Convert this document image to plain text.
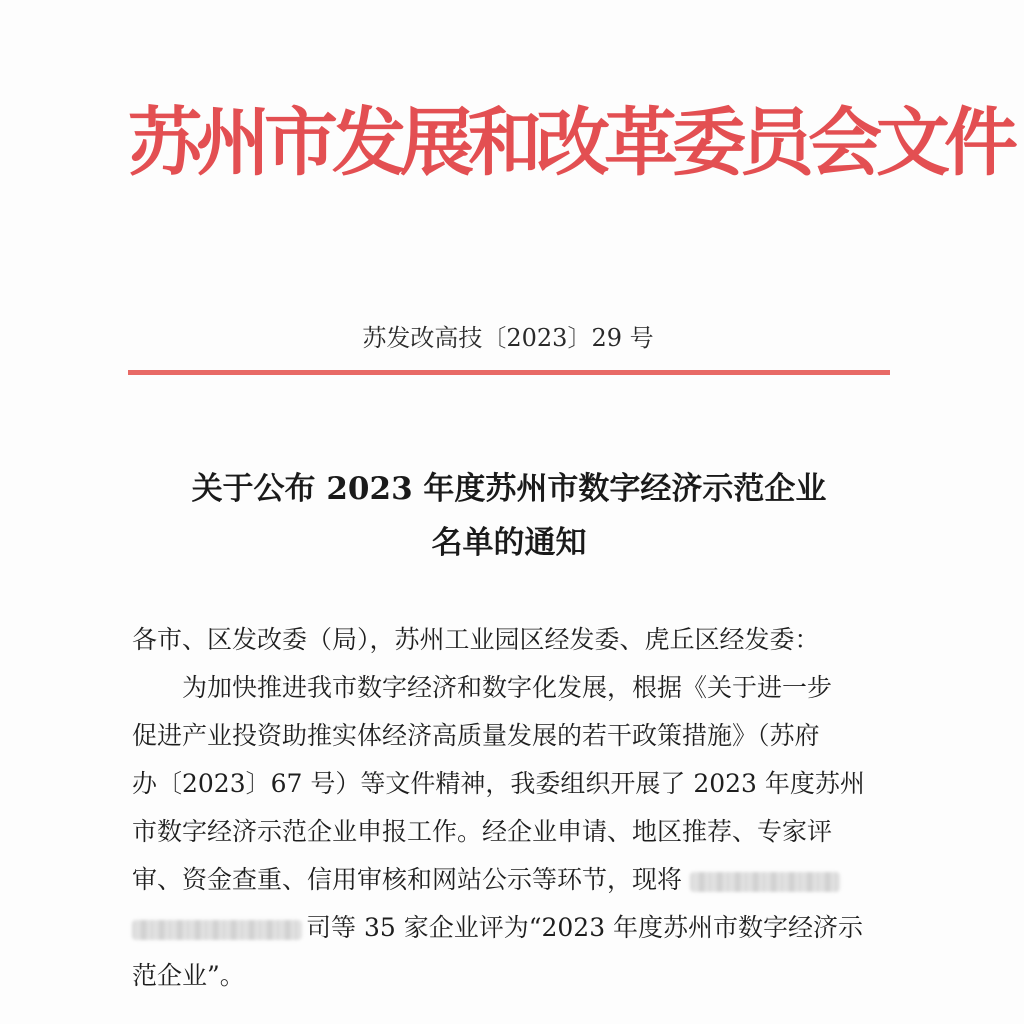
苏州市发展和改革委员会文件
苏发改高技〔2023〕29 号
关于公布 2023 年度苏州市数字经济示范企业
名单的通知
各市、区发改委（局），苏州工业园区经发委、虎丘区经发委：
为加快推进我市数字经济和数字化发展，根据《关于进一步
促进产业投资助推实体经济高质量发展的若干政策措施》（苏府
办〔2023〕67 号）等文件精神，我委组织开展了 2023 年度苏州
市数字经济示范企业申报工作。经企业申请、地区推荐、专家评
审、资金查重、信用审核和网站公示等环节，现将
司等 35 家企业评为“2023 年度苏州市数字经济示
范企业”。
